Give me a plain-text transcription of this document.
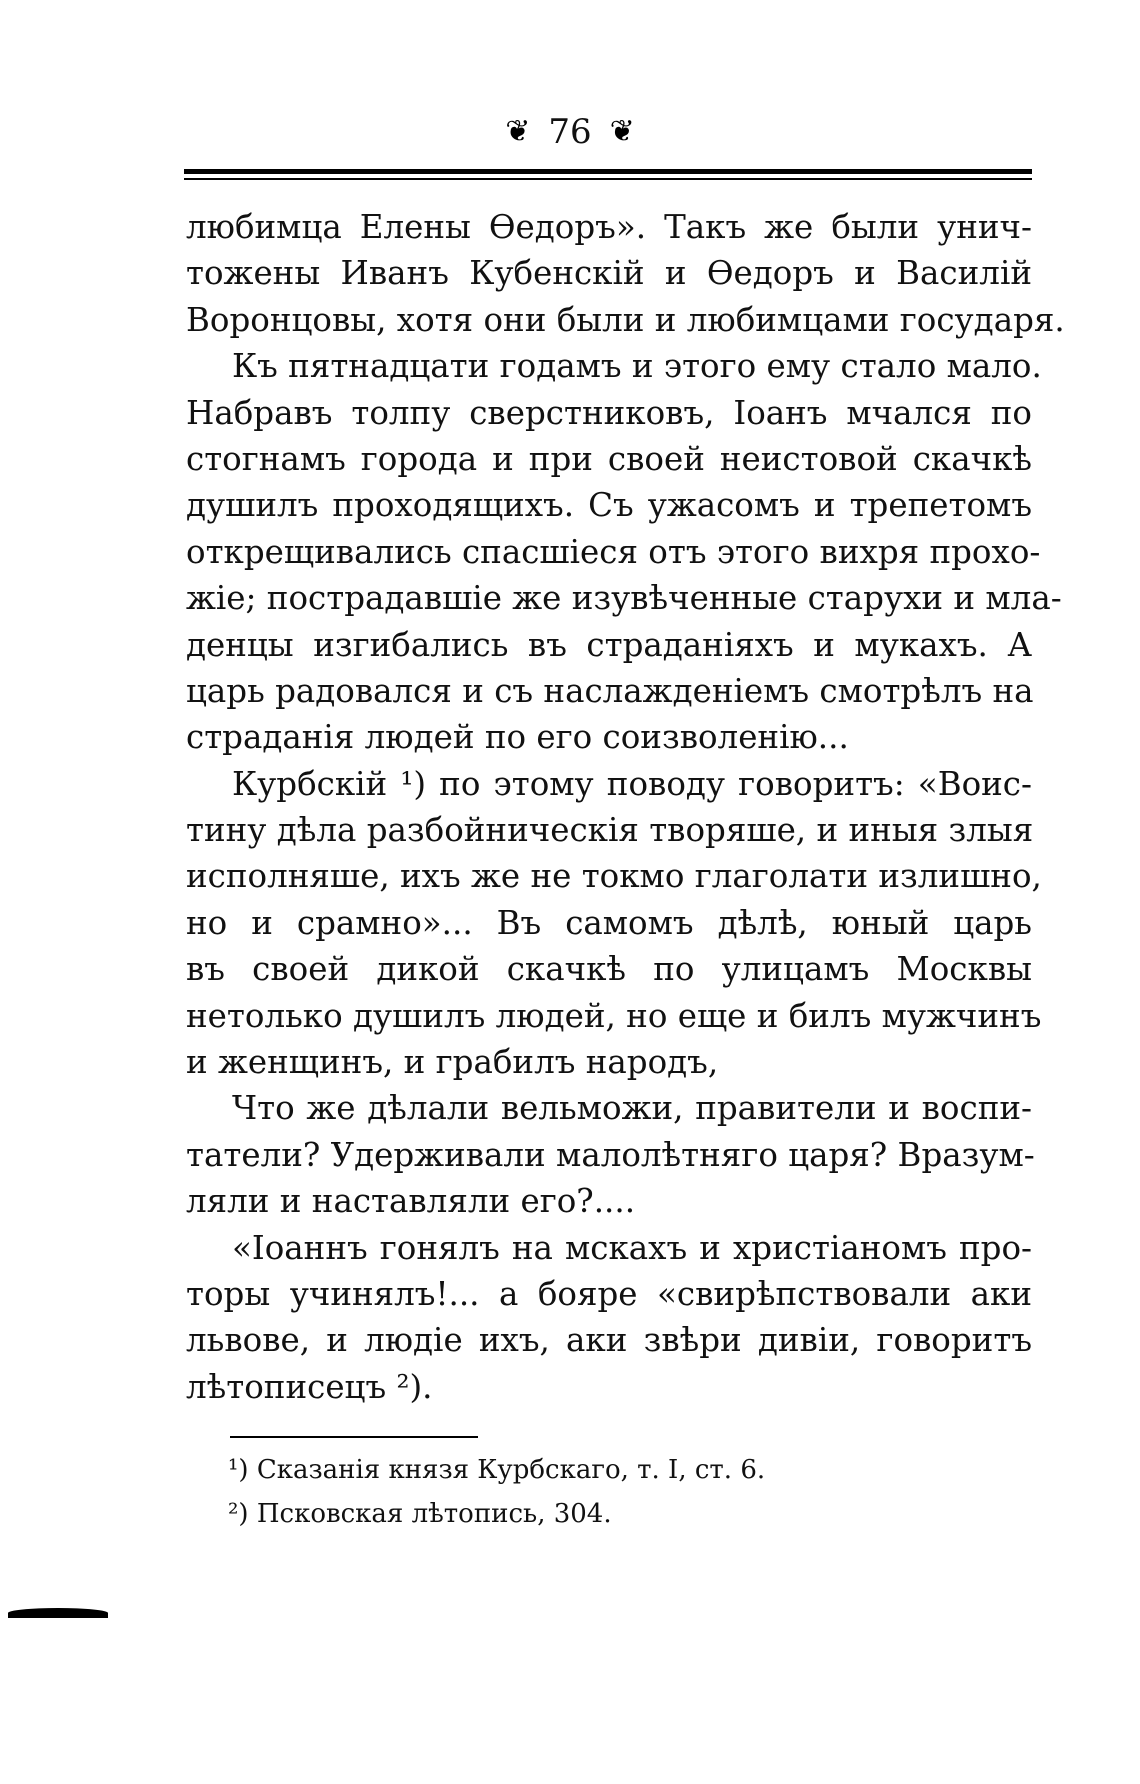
❦ 76 ❦
любимца Елены Өедоръ». Такъ же были унич-
тожены Иванъ Кубенскій и Өедоръ и Василій
Воронцовы, хотя они были и любимцами государя.
Къ пятнадцати годамъ и этого ему стало мало.
Набравъ толпу сверстниковъ, Іоанъ мчался по
стогнамъ города и при своей неистовой скачкѣ
душилъ проходящихъ. Съ ужасомъ и трепетомъ
открещивались спасшіеся отъ этого вихря прохо-
жіе; пострадавшіе же изувѣченные старухи и мла-
денцы изгибались въ страданіяхъ и мукахъ. А
царь радовался и съ наслажденіемъ смотрѣлъ на
страданія людей по его соизволенію...
Курбскій ¹) по этому поводу говоритъ: «Воис-
тину дѣла разбойническія творяше, и иныя злыя
исполняше, ихъ же не токмо глаголати излишно,
но и срамно»... Въ самомъ дѣлѣ, юный царь
въ своей дикой скачкѣ по улицамъ Москвы
нетолько душилъ людей, но еще и билъ мужчинъ
и женщинъ, и грабилъ народъ,
Что же дѣлали вельможи, правители и воспи-
татели? Удерживали малолѣтняго царя? Вразум-
ляли и наставляли его?....
«Іоаннъ гонялъ на мскахъ и христіаномъ про-
торы учинялъ!... а бояре «свирѣпствовали аки
львове, и людіе ихъ, аки звѣри дивіи, говоритъ
лѣтописецъ ²).
¹) Сказанія князя Курбскаго, т. І, ст. 6.
²) Псковская лѣтопись, 304.
